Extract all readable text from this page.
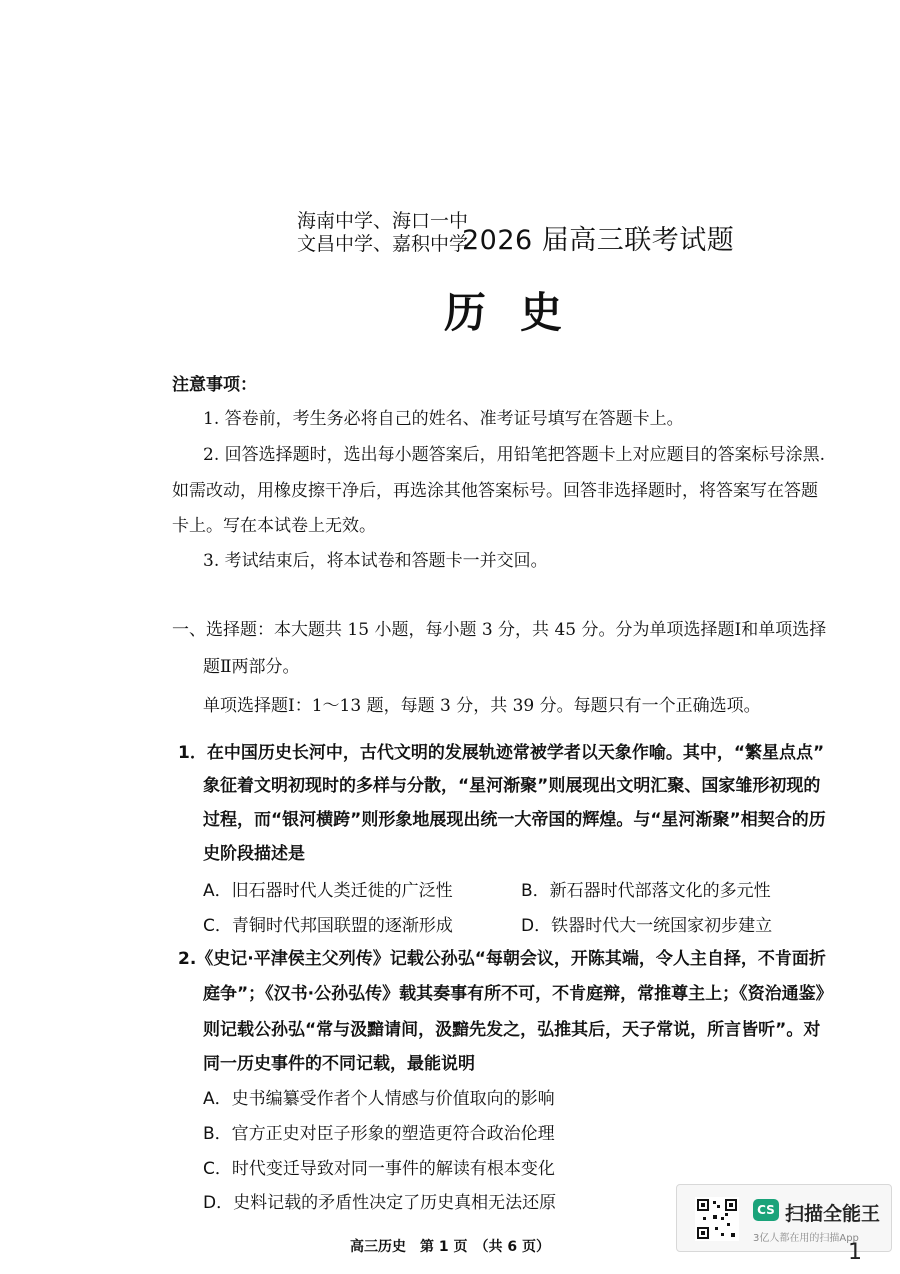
海南中学、海口一中
文昌中学、嘉积中学
2026 届高三联考试题
历史
注意事项：
1. 答卷前，考生务必将自己的姓名、准考证号填写在答题卡上。
2. 回答选择题时，选出每小题答案后，用铅笔把答题卡上对应题目的答案标号涂黑.
如需改动，用橡皮擦干净后，再选涂其他答案标号。回答非选择题时，将答案写在答题
卡上。写在本试卷上无效。
3. 考试结束后，将本试卷和答题卡一并交回。
一、选择题：本大题共 15 小题，每小题 3 分，共 45 分。分为单项选择题Ⅰ和单项选择
题Ⅱ两部分。
单项选择题Ⅰ：1～13 题，每题 3 分，共 39 分。每题只有一个正确选项。
1．在中国历史长河中，古代文明的发展轨迹常被学者以天象作喻。其中，“繁星点点”
象征着文明初现时的多样与分散，“星河渐聚”则展现出文明汇聚、国家雏形初现的
过程，而“银河横跨”则形象地展现出统一大帝国的辉煌。与“星河渐聚”相契合的历
史阶段描述是
A．旧石器时代人类迁徙的广泛性	B．新石器时代部落文化的多元性
C．青铜时代邦国联盟的逐渐形成	D．铁器时代大一统国家初步建立
2.《史记·平津侯主父列传》记载公孙弘“每朝会议，开陈其端，令人主自择，不肯面折
庭争”；《汉书·公孙弘传》载其奏事有所不可，不肯庭辩，常推尊主上；《资治通鉴》
则记载公孙弘“常与汲黯请间，汲黯先发之，弘推其后，天子常说，所言皆听”。对
同一历史事件的不同记载，最能说明
A．史书编纂受作者个人情感与价值取向的影响
B．官方正史对臣子形象的塑造更符合政治伦理
C．时代变迁导致对同一事件的解读有根本变化
D．史料记载的矛盾性决定了历史真相无法还原
高三历史　第 1 页　（共 6 页）
CS 扫描全能王
3亿人都在用的扫描App
1
